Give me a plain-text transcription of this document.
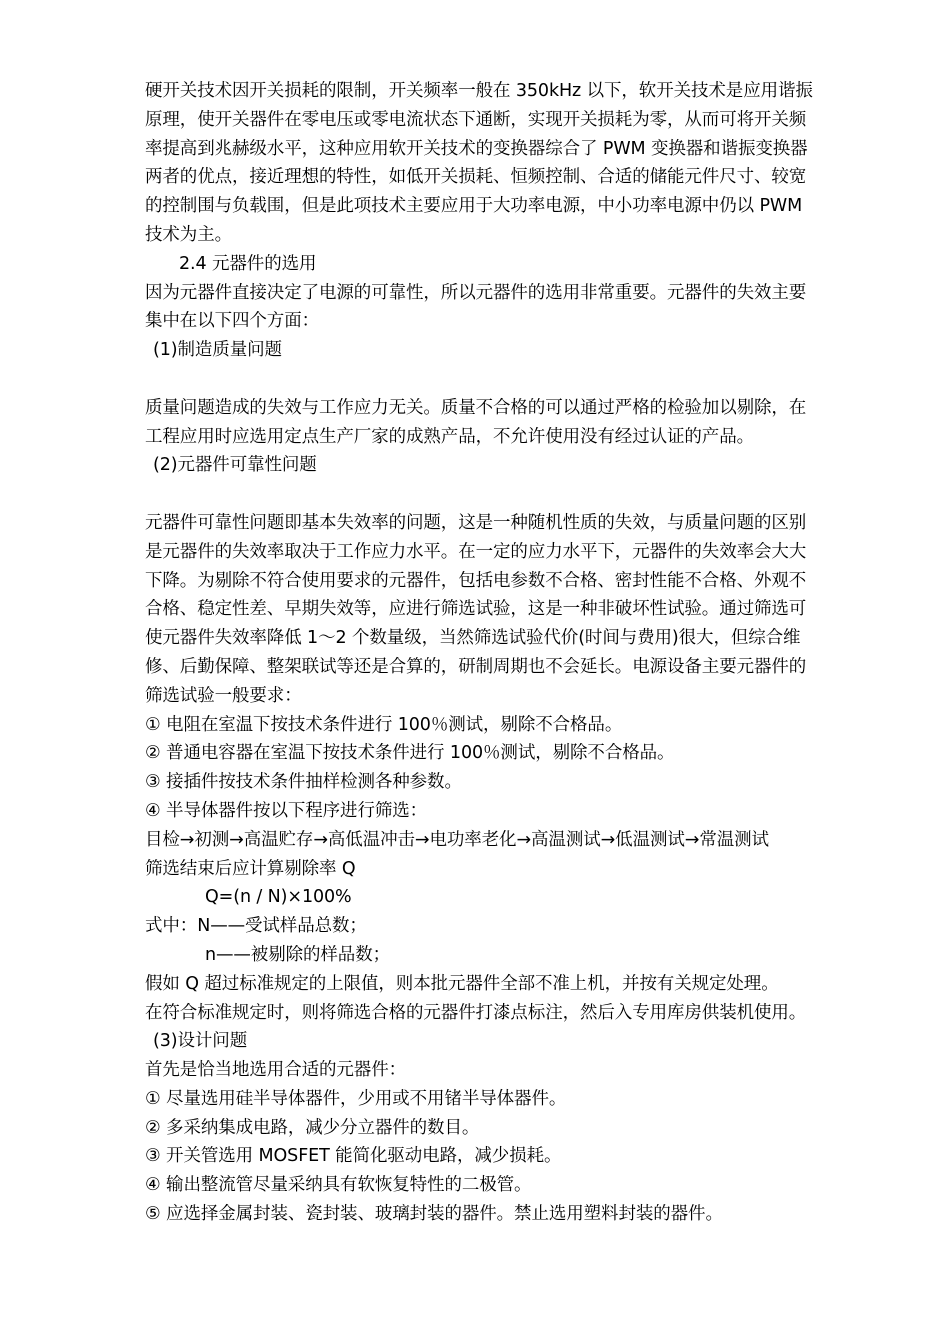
硬开关技术因开关损耗的限制，开关频率一般在 350kHz 以下，软开关技术是应用谐振
原理，使开关器件在零电压或零电流状态下通断，实现开关损耗为零，从而可将开关频
率提高到兆赫级水平，这种应用软开关技术的变换器综合了 PWM 变换器和谐振变换器
两者的优点，接近理想的特性，如低开关损耗、恒频控制、合适的储能元件尺寸、较宽
的控制围与负载围，但是此项技术主要应用于大功率电源，中小功率电源中仍以 PWM
技术为主。
2.4 元器件的选用
因为元器件直接决定了电源的可靠性，所以元器件的选用非常重要。元器件的失效主要
集中在以下四个方面：
(1)制造质量问题
质量问题造成的失效与工作应力无关。质量不合格的可以通过严格的检验加以剔除，在
工程应用时应选用定点生产厂家的成熟产品，不允许使用没有经过认证的产品。
(2)元器件可靠性问题
元器件可靠性问题即基本失效率的问题，这是一种随机性质的失效，与质量问题的区别
是元器件的失效率取决于工作应力水平。在一定的应力水平下，元器件的失效率会大大
下降。为剔除不符合使用要求的元器件，包括电参数不合格、密封性能不合格、外观不
合格、稳定性差、早期失效等，应进行筛选试验，这是一种非破坏性试验。通过筛选可
使元器件失效率降低 1～2 个数量级，当然筛选试验代价(时间与费用)很大，但综合维
修、后勤保障、整架联试等还是合算的，研制周期也不会延长。电源设备主要元器件的
筛选试验一般要求：
① 电阻在室温下按技术条件进行 100％测试，剔除不合格品。
② 普通电容器在室温下按技术条件进行 100％测试，剔除不合格品。
③ 接插件按技术条件抽样检测各种参数。
④ 半导体器件按以下程序进行筛选：
目检→初测→高温贮存→高低温冲击→电功率老化→高温测试→低温测试→常温测试
筛选结束后应计算剔除率 Q
Q=(n / N)×100%
式中：N——受试样品总数；
n——被剔除的样品数；
假如 Q 超过标准规定的上限值，则本批元器件全部不准上机，并按有关规定处理。
在符合标准规定时，则将筛选合格的元器件打漆点标注，然后入专用库房供装机使用。
(3)设计问题
首先是恰当地选用合适的元器件：
① 尽量选用硅半导体器件，少用或不用锗半导体器件。
② 多采纳集成电路，减少分立器件的数目。
③ 开关管选用 MOSFET 能简化驱动电路，减少损耗。
④ 输出整流管尽量采纳具有软恢复特性的二极管。
⑤ 应选择金属封装、瓷封装、玻璃封装的器件。禁止选用塑料封装的器件。
